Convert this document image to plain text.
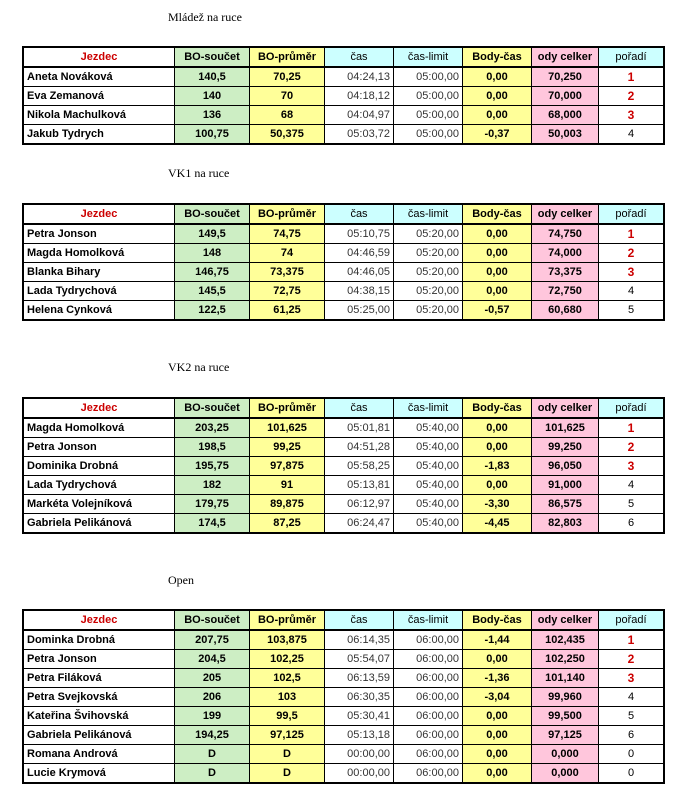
Mládež na ruce
Jezdec	BO-součet	BO-průměr	čas	čas-limit	Body-čas	ody celker	pořadí
Aneta Nováková	140,5	70,25	04:24,13	05:00,00	0,00	70,250	1
Eva Zemanová	140	70	04:18,12	05:00,00	0,00	70,000	2
Nikola Machulková	136	68	04:04,97	05:00,00	0,00	68,000	3
Jakub Tydrych	100,75	50,375	05:03,72	05:00,00	-0,37	50,003	4
VK1 na ruce
Jezdec	BO-součet	BO-průměr	čas	čas-limit	Body-čas	ody celker	pořadí
Petra Jonson	149,5	74,75	05:10,75	05:20,00	0,00	74,750	1
Magda Homolková	148	74	04:46,59	05:20,00	0,00	74,000	2
Blanka Bihary	146,75	73,375	04:46,05	05:20,00	0,00	73,375	3
Lada Tydrychová	145,5	72,75	04:38,15	05:20,00	0,00	72,750	4
Helena Cynková	122,5	61,25	05:25,00	05:20,00	-0,57	60,680	5
VK2 na ruce
Jezdec	BO-součet	BO-průměr	čas	čas-limit	Body-čas	ody celker	pořadí
Magda Homolková	203,25	101,625	05:01,81	05:40,00	0,00	101,625	1
Petra Jonson	198,5	99,25	04:51,28	05:40,00	0,00	99,250	2
Dominika Drobná	195,75	97,875	05:58,25	05:40,00	-1,83	96,050	3
Lada Tydrychová	182	91	05:13,81	05:40,00	0,00	91,000	4
Markéta Volejníková	179,75	89,875	06:12,97	05:40,00	-3,30	86,575	5
Gabriela Pelikánová	174,5	87,25	06:24,47	05:40,00	-4,45	82,803	6
Open
Jezdec	BO-součet	BO-průměr	čas	čas-limit	Body-čas	ody celker	pořadí
Dominka Drobná	207,75	103,875	06:14,35	06:00,00	-1,44	102,435	1
Petra Jonson	204,5	102,25	05:54,07	06:00,00	0,00	102,250	2
Petra Filáková	205	102,5	06:13,59	06:00,00	-1,36	101,140	3
Petra Svejkovská	206	103	06:30,35	06:00,00	-3,04	99,960	4
Kateřina Švihovská	199	99,5	05:30,41	06:00,00	0,00	99,500	5
Gabriela Pelikánová	194,25	97,125	05:13,18	06:00,00	0,00	97,125	6
Romana Andrová	D	D	00:00,00	06:00,00	0,00	0,000	0
Lucie Krymová	D	D	00:00,00	06:00,00	0,00	0,000	0
